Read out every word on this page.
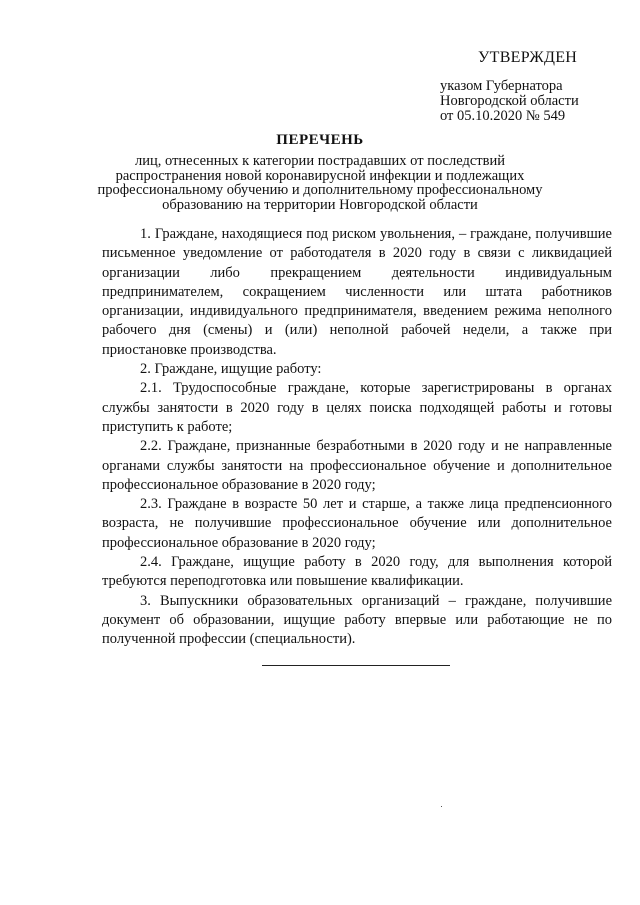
УТВЕРЖДЕН
указом Губернатора
Новгородской области
от 05.10.2020 № 549
ПЕРЕЧЕНЬ
лиц, отнесенных к категории пострадавших от последствий распространения новой коронавирусной инфекции и подлежащих профессиональному обучению и дополнительному профессиональному образованию на территории Новгородской области

1. Граждане, находящиеся под риском увольнения, – граждане, получившие письменное уведомление от работодателя в 2020 году в связи с ликвидацией организации либо прекращением деятельности индивидуальным предпринимателем, сокращением численности или штата работников организации, индивидуального предпринимателя, введением режима неполного рабочего дня (смены) и (или) неполной рабочей недели, а также при приостановке производства.

2. Граждане, ищущие работу:

2.1. Трудоспособные граждане, которые зарегистрированы в органах службы занятости в 2020 году в целях поиска подходящей работы и готовы приступить к работе;

2.2. Граждане, признанные безработными в 2020 году и не направленные органами службы занятости на профессиональное обучение и дополнительное профессиональное образование в 2020 году;

2.3. Граждане в возрасте 50 лет и старше, а также лица предпенсионного возраста, не получившие профессиональное обучение или дополнительное профессиональное образование в 2020 году;

2.4. Граждане, ищущие работу в 2020 году, для выполнения которой требуются переподготовка или повышение квалификации.

3. Выпускники образовательных организаций – граждане, получившие документ об образовании, ищущие работу впервые или работающие не по полученной профессии (специальности).
